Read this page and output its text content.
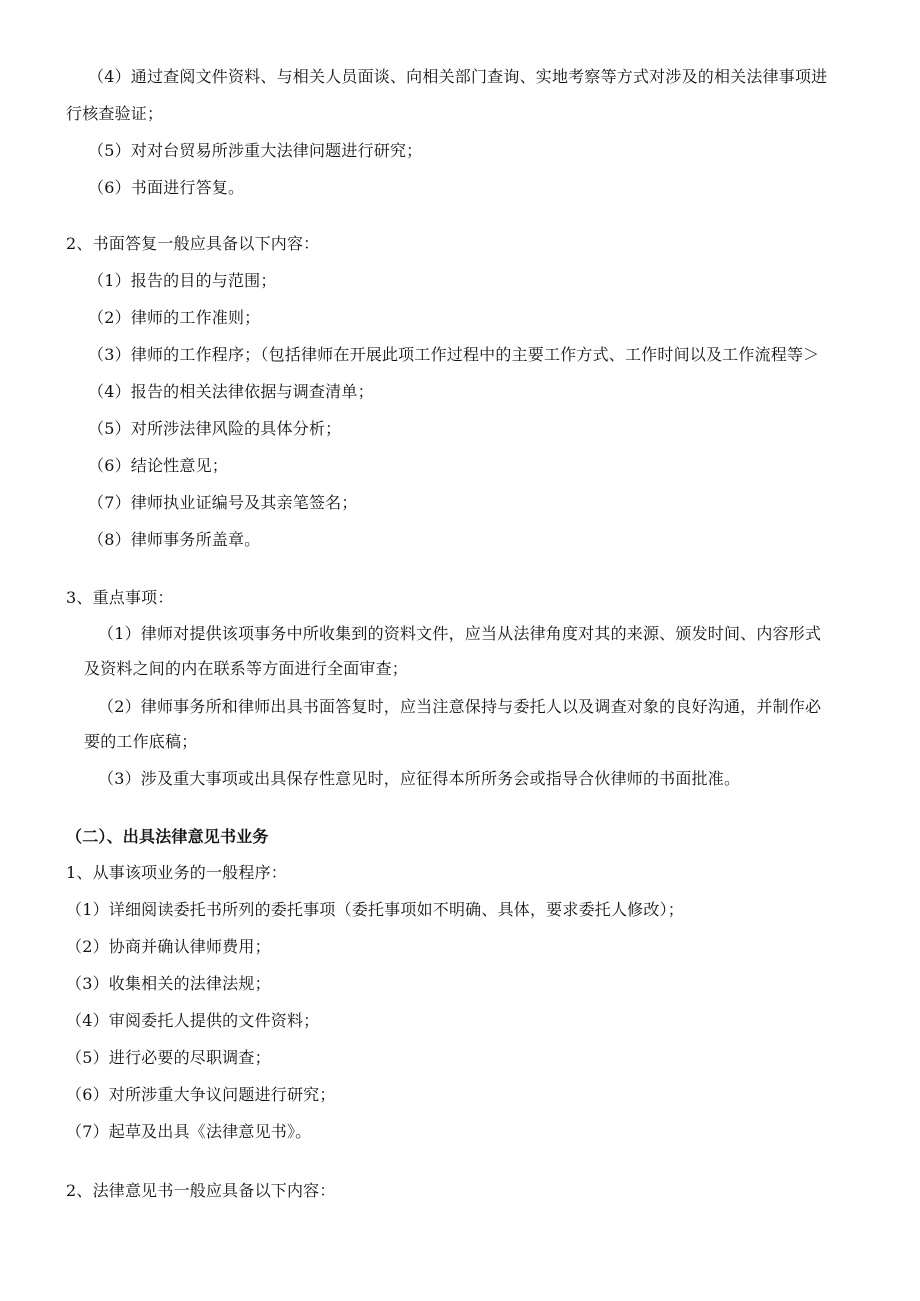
（4）通过查阅文件资料、与相关人员面谈、向相关部门查询、实地考察等方式对涉及的相关法律事项进
行核查验证；
（5）对对台贸易所涉重大法律问题进行研究；
（6）书面进行答复。
2、书面答复一般应具备以下内容：
（1）报告的目的与范围；
（2）律师的工作准则；
（3）律师的工作程序；（包括律师在开展此项工作过程中的主要工作方式、工作时间以及工作流程等＞
（4）报告的相关法律依据与调查清单；
（5）对所涉法律风险的具体分析；
（6）结论性意见；
（7）律师执业证编号及其亲笔签名；
（8）律师事务所盖章。
3、重点事项：
（1）律师对提供该项事务中所收集到的资料文件，应当从法律角度对其的来源、颁发时间、内容形式
及资料之间的内在联系等方面进行全面审查；
（2）律师事务所和律师出具书面答复时，应当注意保持与委托人以及调查对象的良好沟通，并制作必
要的工作底稿；
（3）涉及重大事项或出具保存性意见时，应征得本所所务会或指导合伙律师的书面批准。
（二）、出具法律意见书业务
1、从事该项业务的一般程序：
（1）详细阅读委托书所列的委托事项（委托事项如不明确、具体，要求委托人修改）；
（2）协商并确认律师费用；
（3）收集相关的法律法规；
（4）审阅委托人提供的文件资料；
（5）进行必要的尽职调查；
（6）对所涉重大争议问题进行研究；
（7）起草及出具《法律意见书》。
2、法律意见书一般应具备以下内容：
